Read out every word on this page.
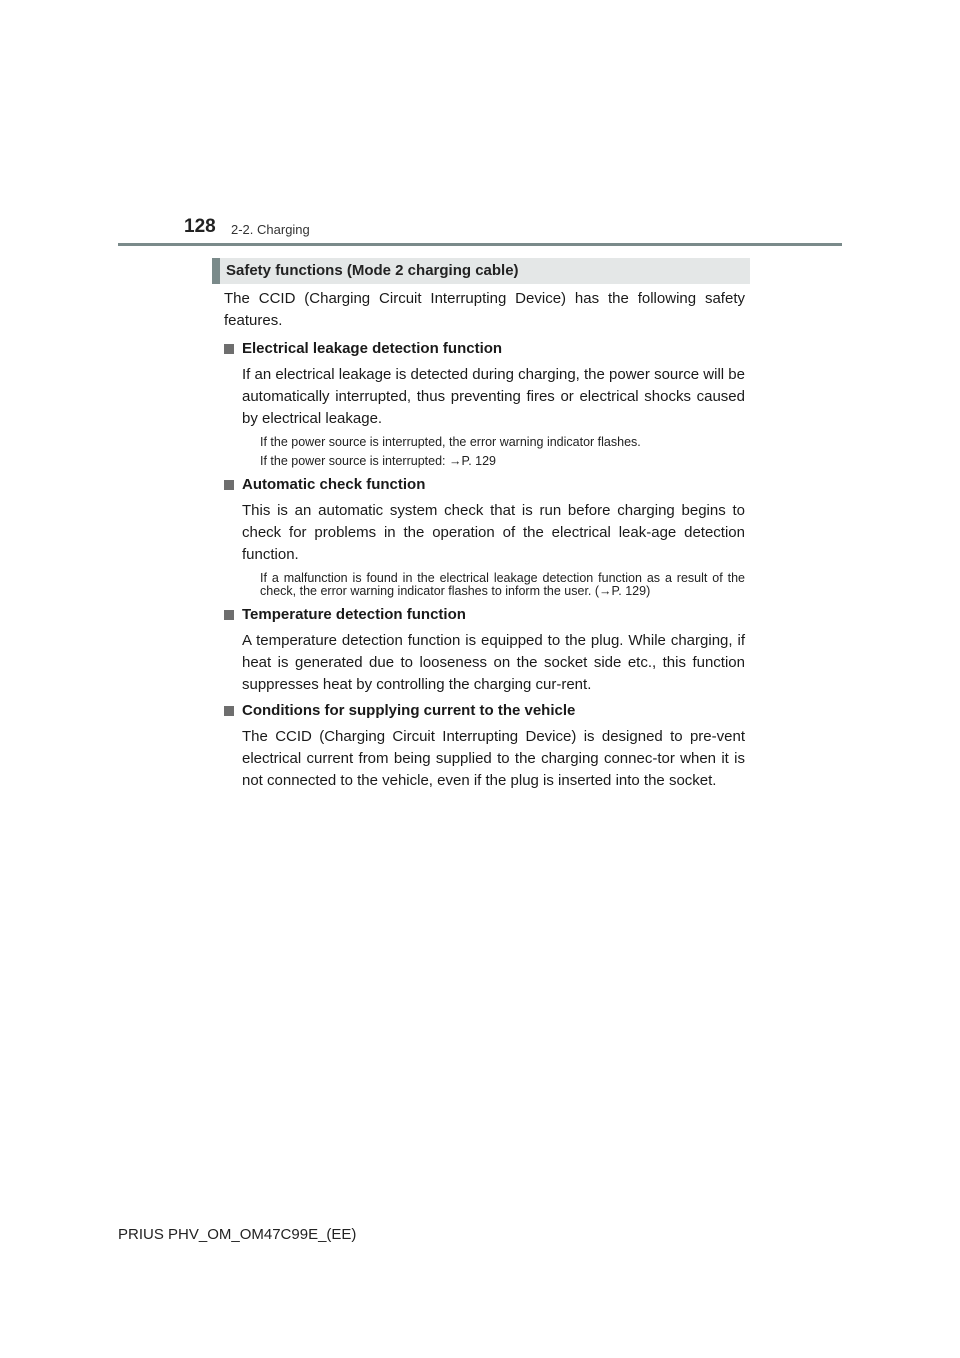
128 2-2. Charging
Safety functions (Mode 2 charging cable)

The CCID (Charging Circuit Interrupting Device) has the following safety features.

Electrical leakage detection function

If an electrical leakage is detected during charging, the power source will be automatically interrupted, thus preventing fires or electrical shocks caused by electrical leakage.

If the power source is interrupted, the error warning indicator flashes.

If the power source is interrupted: →P. 129

Automatic check function

This is an automatic system check that is run before charging begins to check for problems in the operation of the electrical leak-age detection function.

If a malfunction is found in the electrical leakage detection function as a result of the check, the error warning indicator flashes to inform the user. (→P. 129)

Temperature detection function

A temperature detection function is equipped to the plug. While charging, if heat is generated due to looseness on the socket side etc., this function suppresses heat by controlling the charging cur-rent.

Conditions for supplying current to the vehicle

The CCID (Charging Circuit Interrupting Device) is designed to pre-vent electrical current from being supplied to the charging connec-tor when it is not connected to the vehicle, even if the plug is inserted into the socket.

PRIUS PHV_OM_OM47C99E_(EE)
